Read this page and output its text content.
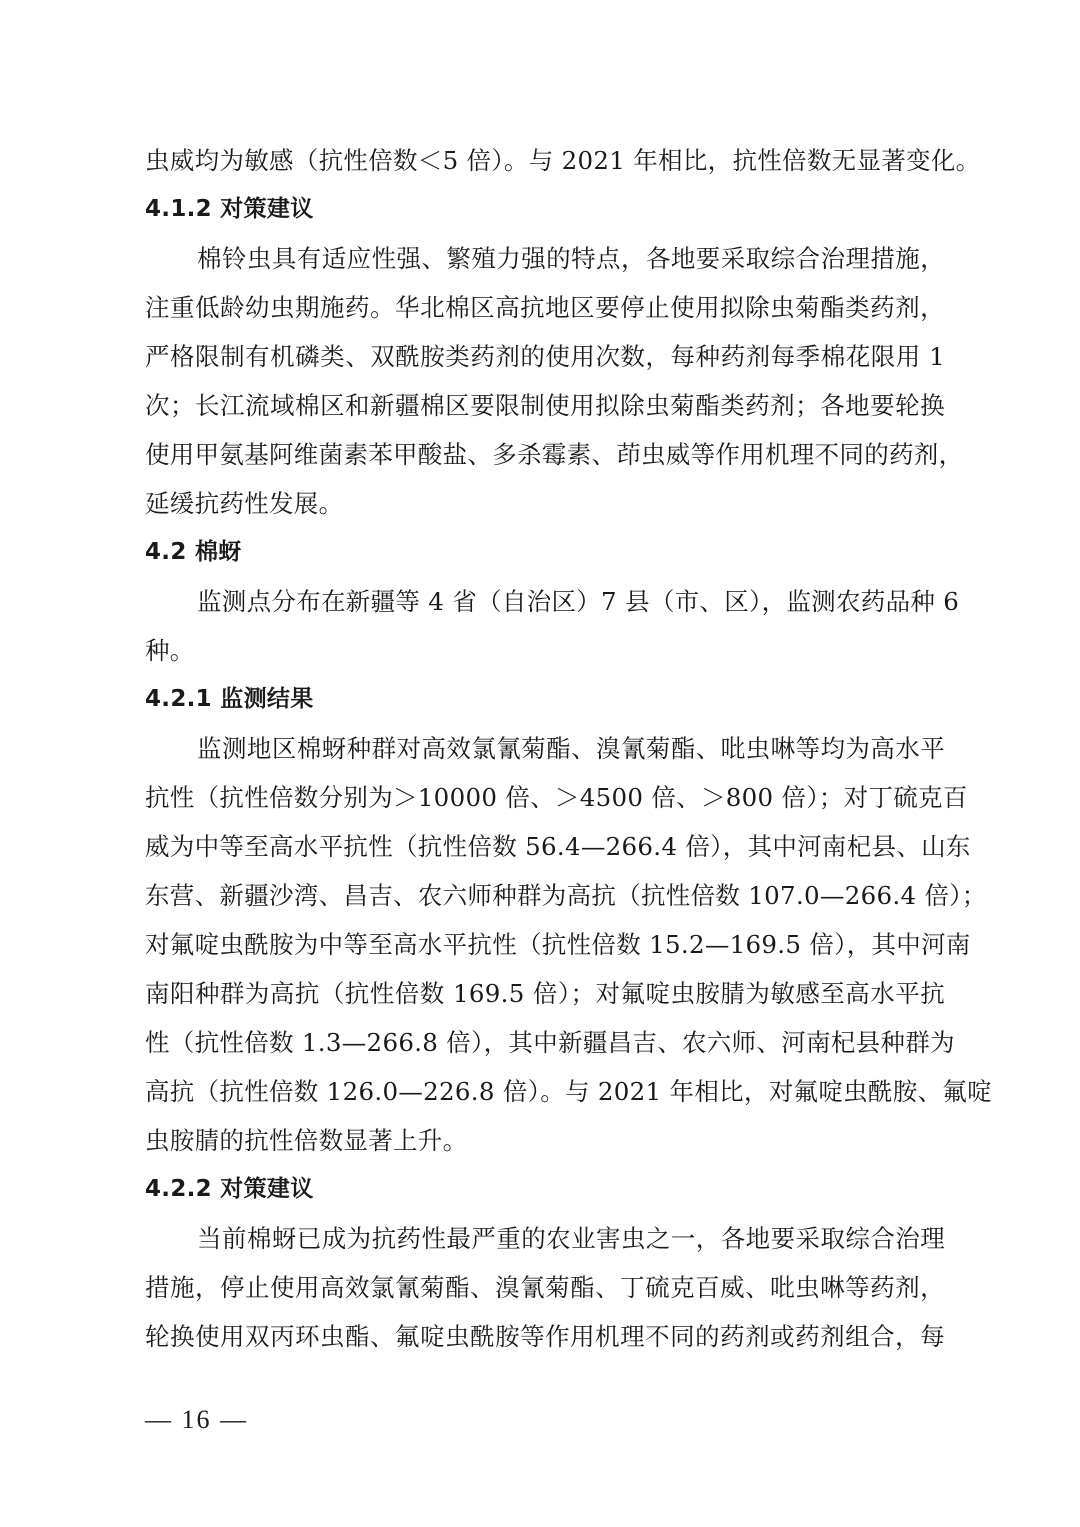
虫威均为敏感（抗性倍数＜5 倍）。与 2021 年相比，抗性倍数无显著变化。
4.1.2 对策建议
棉铃虫具有适应性强、繁殖力强的特点，各地要采取综合治理措施，
注重低龄幼虫期施药。华北棉区高抗地区要停止使用拟除虫菊酯类药剂，
严格限制有机磷类、双酰胺类药剂的使用次数，每种药剂每季棉花限用 1
次；长江流域棉区和新疆棉区要限制使用拟除虫菊酯类药剂；各地要轮换
使用甲氨基阿维菌素苯甲酸盐、多杀霉素、茚虫威等作用机理不同的药剂，
延缓抗药性发展。
4.2 棉蚜
监测点分布在新疆等 4 省（自治区）7 县（市、区），监测农药品种 6
种。
4.2.1 监测结果
监测地区棉蚜种群对高效氯氰菊酯、溴氰菊酯、吡虫啉等均为高水平
抗性（抗性倍数分别为＞10000 倍、＞4500 倍、＞800 倍）；对丁硫克百
威为中等至高水平抗性（抗性倍数 56.4—266.4 倍），其中河南杞县、山东
东营、新疆沙湾、昌吉、农六师种群为高抗（抗性倍数 107.0—266.4 倍）；
对氟啶虫酰胺为中等至高水平抗性（抗性倍数 15.2—169.5 倍），其中河南
南阳种群为高抗（抗性倍数 169.5 倍）；对氟啶虫胺腈为敏感至高水平抗
性（抗性倍数 1.3—266.8 倍），其中新疆昌吉、农六师、河南杞县种群为
高抗（抗性倍数 126.0—226.8 倍）。与 2021 年相比，对氟啶虫酰胺、氟啶
虫胺腈的抗性倍数显著上升。
4.2.2 对策建议
当前棉蚜已成为抗药性最严重的农业害虫之一，各地要采取综合治理
措施，停止使用高效氯氰菊酯、溴氰菊酯、丁硫克百威、吡虫啉等药剂，
轮换使用双丙环虫酯、氟啶虫酰胺等作用机理不同的药剂或药剂组合，每
— 16 —
